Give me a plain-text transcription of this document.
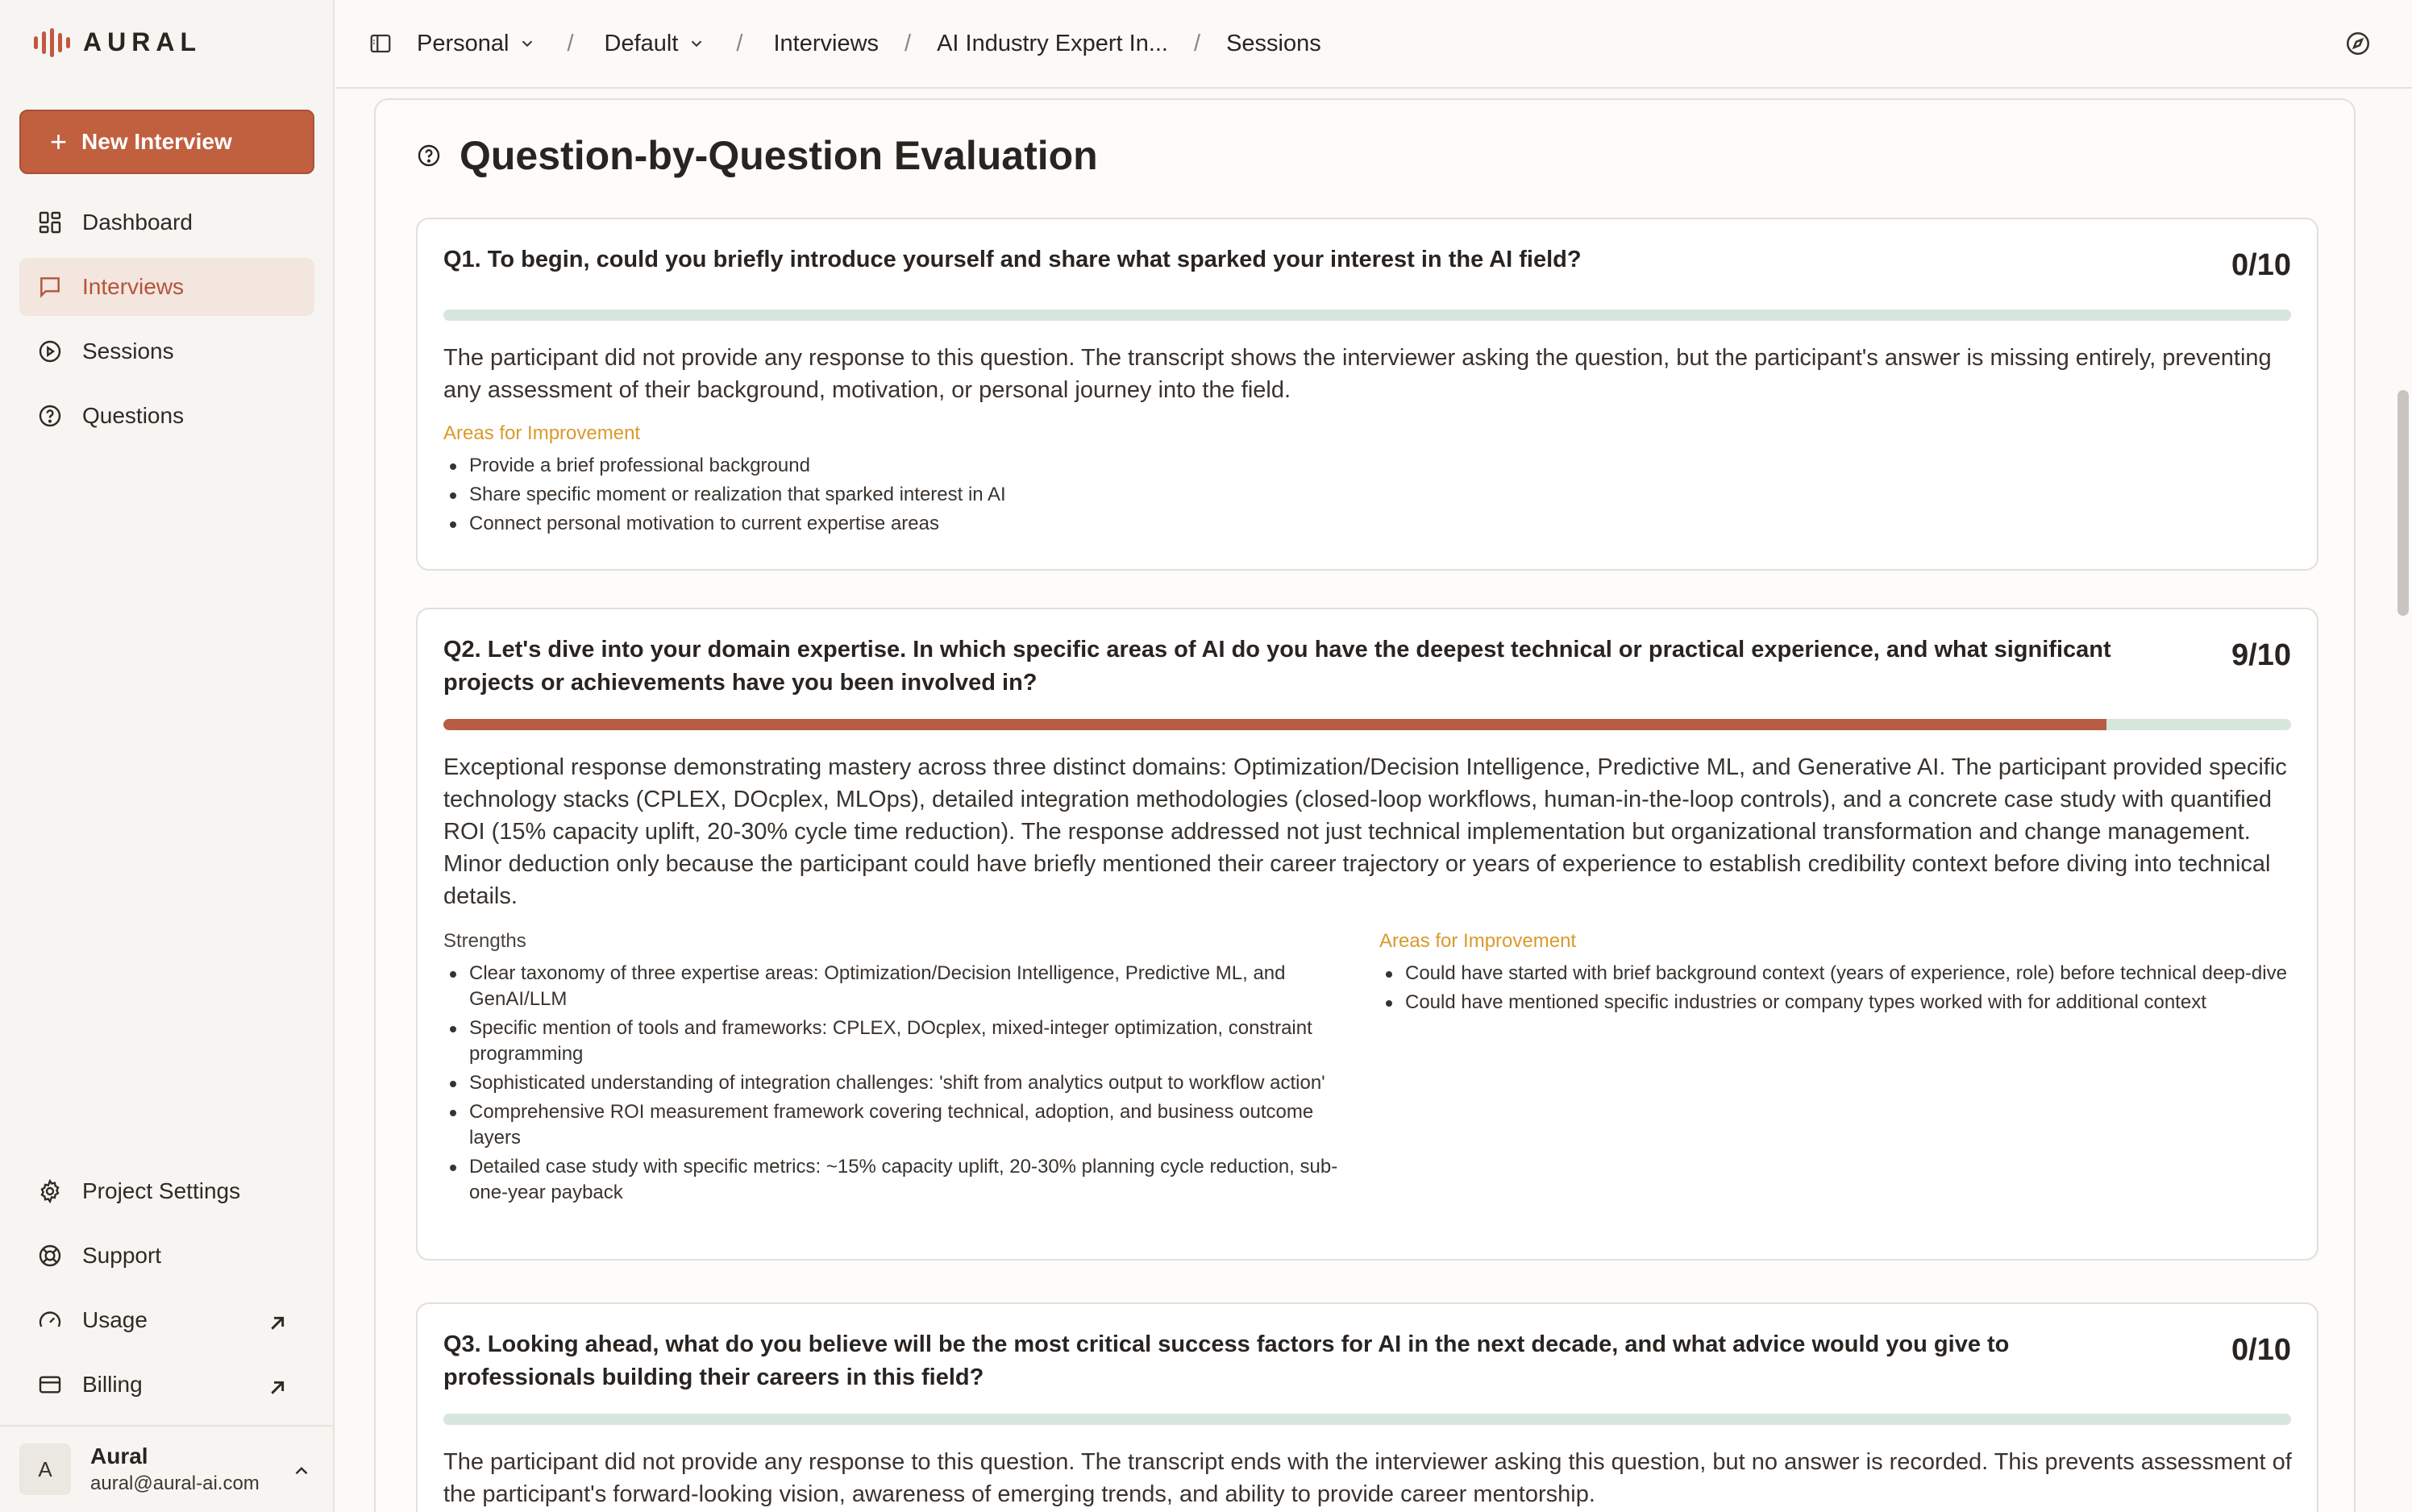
AURAL
+ New Interview
Dashboard
Interviews
Sessions
Questions
Project Settings
Support
Usage
Billing
A
Aural
aural@aural-ai.com
Personal / Default / Interviews / AI Industry Expert In... / Sessions
Question-by-Question Evaluation
Q1. To begin, could you briefly introduce yourself and share what sparked your interest in the AI field?	0/10
The participant did not provide any response to this question. The transcript shows the interviewer asking the question, but the participant's answer is missing entirely, preventing any assessment of their background, motivation, or personal journey into the field.
Areas for Improvement
Provide a brief professional background
Share specific moment or realization that sparked interest in AI
Connect personal motivation to current expertise areas
Q2. Let's dive into your domain expertise. In which specific areas of AI do you have the deepest technical or practical experience, and what significant projects or achievements have you been involved in?
9/10
Exceptional response demonstrating mastery across three distinct domains: Optimization/Decision Intelligence, Predictive ML, and Generative AI. The participant provided specific technology stacks (CPLEX, DOcplex, MLOps), detailed integration methodologies (closed-loop workflows, human-in-the-loop controls), and a concrete case study with quantified ROI (15% capacity uplift, 20-30% cycle time reduction). The response addressed not just technical implementation but organizational transformation and change management. Minor deduction only because the participant could have briefly mentioned their career trajectory or years of experience to establish credibility context before diving into technical details.
Strengths
Clear taxonomy of three expertise areas: Optimization/Decision Intelligence, Predictive ML, and GenAI/LLM
Specific mention of tools and frameworks: CPLEX, DOcplex, mixed-integer optimization, constraint programming
Sophisticated understanding of integration challenges: 'shift from analytics output to workflow action'
Comprehensive ROI measurement framework covering technical, adoption, and business outcome layers
Detailed case study with specific metrics: ~15% capacity uplift, 20-30% planning cycle reduction, sub-one-year payback
Areas for Improvement
Could have started with brief background context (years of experience, role) before technical deep-dive
Could have mentioned specific industries or company types worked with for additional context
Q3. Looking ahead, what do you believe will be the most critical success factors for AI in the next decade, and what advice would you give to professionals building their careers in this field?
0/10
The participant did not provide any response to this question. The transcript ends with the interviewer asking this question, but no answer is recorded. This prevents assessment of the participant's forward-looking vision, awareness of emerging trends, and ability to provide career mentorship.
